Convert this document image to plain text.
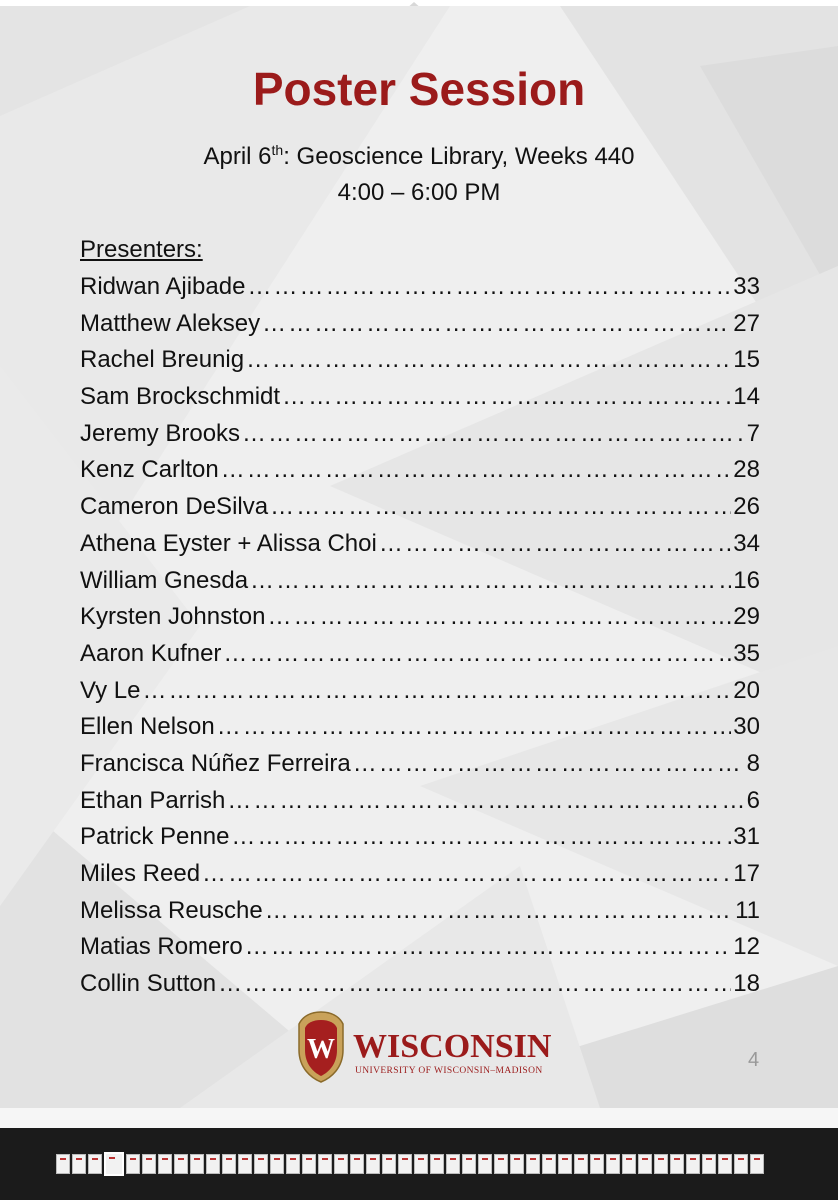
Poster Session
April 6th: Geoscience Library, Weeks 440
4:00 – 6:00 PM
Presenters:
Ridwan Ajibade …………………………………………………………………………………………………	33
Matthew Aleksey …………………………………………………………………………………………………	27
Rachel Breunig …………………………………………………………………………………………………	15
Sam Brockschmidt …………………………………………………………………………………………………	14
Jeremy Brooks …………………………………………………………………………………………………	7
Kenz Carlton …………………………………………………………………………………………………	28
Cameron DeSilva …………………………………………………………………………………………………	26
Athena Eyster + Alissa Choi …………………………………………………………………………………………………	34
William Gnesda …………………………………………………………………………………………………	16
Kyrsten Johnston …………………………………………………………………………………………………	29
Aaron Kufner …………………………………………………………………………………………………	35
Vy Le …………………………………………………………………………………………………	20
Ellen Nelson …………………………………………………………………………………………………	30
Francisca Núñez Ferreira …………………………………………………………………………………………………	8
Ethan Parrish …………………………………………………………………………………………………	6
Patrick Penne …………………………………………………………………………………………………	31
Miles Reed …………………………………………………………………………………………………	17
Melissa Reusche …………………………………………………………………………………………………	11
Matias Romero …………………………………………………………………………………………………	12
Collin Sutton …………………………………………………………………………………………………	18
W WISCONSIN
UNIVERSITY OF WISCONSIN–MADISON	4
